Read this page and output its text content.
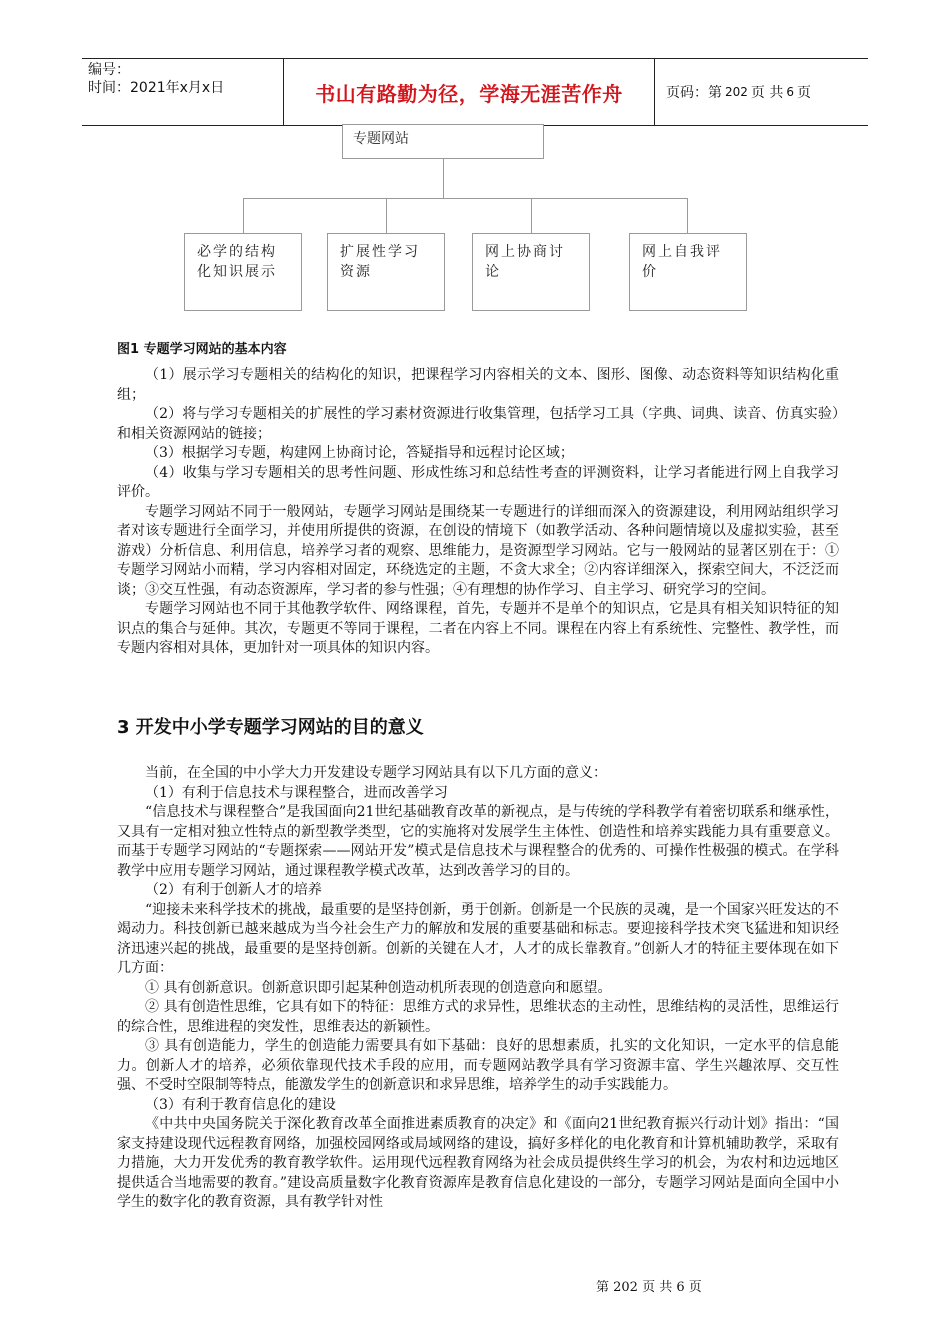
编号：
时间：2021年x月x日	书山有路勤为径，学海无涯苦作舟	页码：第 202 页 共 6 页
专题网站
必学的结构化知识展示
扩展性学习资源
网上协商讨论
网上自我评价
图1 专题学习网站的基本内容

（1）展示学习专题相关的结构化的知识，把课程学习内容相关的文本、图形、图像、动态资料等知识结构化重组；

（2）将与学习专题相关的扩展性的学习素材资源进行收集管理，包括学习工具（字典、词典、读音、仿真实验）和相关资源网站的链接；

（3）根据学习专题，构建网上协商讨论，答疑指导和远程讨论区域；

（4）收集与学习专题相关的思考性问题、形成性练习和总结性考查的评测资料，让学习者能进行网上自我学习评价。

专题学习网站不同于一般网站，专题学习网站是围绕某一专题进行的详细而深入的资源建设，利用网站组织学习者对该专题进行全面学习，并使用所提供的资源，在创设的情境下（如教学活动、各种问题情境以及虚拟实验，甚至游戏）分析信息、利用信息，培养学习者的观察、思维能力，是资源型学习网站。它与一般网站的显著区别在于：①专题学习网站小而精，学习内容相对固定，环绕选定的主题，不贪大求全；②内容详细深入，探索空间大，不泛泛而谈；③交互性强，有动态资源库，学习者的参与性强；④有理想的协作学习、自主学习、研究学习的空间。

专题学习网站也不同于其他教学软件、网络课程，首先，专题并不是单个的知识点，它是具有相关知识特征的知识点的集合与延伸。其次，专题更不等同于课程，二者在内容上不同。课程在内容上有系统性、完整性、教学性，而专题内容相对具体，更加针对一项具体的知识内容。

3 开发中小学专题学习网站的目的意义

当前，在全国的中小学大力开发建设专题学习网站具有以下几方面的意义：

（1）有利于信息技术与课程整合，进而改善学习

“信息技术与课程整合”是我国面向21世纪基础教育改革的新视点，是与传统的学科教学有着密切联系和继承性，又具有一定相对独立性特点的新型教学类型，它的实施将对发展学生主体性、创造性和培养实践能力具有重要意义。而基于专题学习网站的“专题探索——网站开发”模式是信息技术与课程整合的优秀的、可操作性极强的模式。在学科教学中应用专题学习网站，通过课程教学模式改革，达到改善学习的目的。

（2）有利于创新人才的培养

“迎接未来科学技术的挑战，最重要的是坚持创新，勇于创新。创新是一个民族的灵魂，是一个国家兴旺发达的不竭动力。科技创新已越来越成为当今社会生产力的解放和发展的重要基础和标志。要迎接科学技术突飞猛进和知识经济迅速兴起的挑战，最重要的是坚持创新。创新的关键在人才，人才的成长靠教育。”创新人才的特征主要体现在如下几方面：

① 具有创新意识。创新意识即引起某种创造动机所表现的创造意向和愿望。

② 具有创造性思维，它具有如下的特征：思维方式的求异性，思维状态的主动性，思维结构的灵活性，思维运行的综合性，思维进程的突发性，思维表达的新颖性。

③ 具有创造能力，学生的创造能力需要具有如下基础：良好的思想素质，扎实的文化知识，一定水平的信息能力。创新人才的培养，必须依靠现代技术手段的应用，而专题网站教学具有学习资源丰富、学生兴趣浓厚、交互性强、不受时空限制等特点，能激发学生的创新意识和求异思维，培养学生的动手实践能力。

（3）有利于教育信息化的建设

《中共中央国务院关于深化教育改革全面推进素质教育的决定》和《面向21世纪教育振兴行动计划》指出：“国家支持建设现代远程教育网络，加强校园网络或局域网络的建设，搞好多样化的电化教育和计算机辅助教学，采取有力措施，大力开发优秀的教育教学软件。运用现代远程教育网络为社会成员提供终生学习的机会，为农村和边远地区提供适合当地需要的教育。”建设高质量数字化教育资源库是教育信息化建设的一部分，专题学习网站是面向全国中小学生的数字化的教育资源，具有教学针对性

第 202 页 共 6 页
